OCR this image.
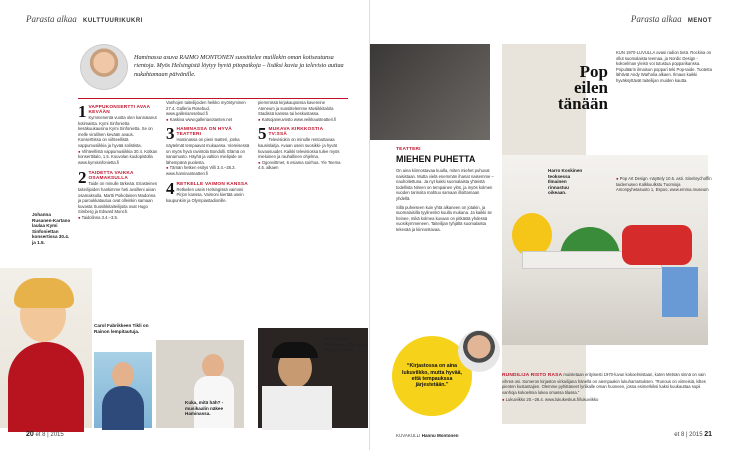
Parasta alkaa KULTTUURIKUKRI
Haminassa asuva RAIMO MONTONEN suosittelee muillekin oman kotiseutunsa rientoja. Myös Helsingistä löytyy hyviä pitopaikoja – lisäksi kuvia ja televisio auttaa nukahtamaan päivänille.
1 VAPPUKONSERTTI AVAA KEVÄÄN
Kymmenentä vuotta olen kannatanut kotimaista. Kymi Sinfonietta kesäkuukausina Kymi Sinfonietta. Se on melle viralilnen kevään avaus. Konserttissa on viihteellistä vappumusiikkia ja hyvää solistista.
● Viihteellistä vappumusiikkia 30.4. Kotkan konserttitalo, 1.5. Kouvolan kuulopistolla www.kymisinfonietta.fi
2 TAIDETTA VAIKKA OSAMAKSULLA
Taide on minulle tärkeää. Eriasteinen taiteilijoiden hankimme heti avoilleni aivan osamaksulla. Martti Poikolainen Madonna ja paroukkatautua ovat olleinkin samaan kuvasta Suosikkitaiteilijoita ovat Hugo Simberg ja Edward Munch.
● Taidolinna 3.4.–3.5.
Vanhojen taiteilijoiden heikko myöntyminen 27.4. Galleria Rosebud, www.galleriarosebud.fi
● Kaskiva www.galleriavotanten.net
3 HAMINASSA ON HYVÄ TEATTERI
Haminassa on pieni teatteri, jonka näytelmät tempaavat mukaansa. Viereisessä on myös hyvä ravintola Bondolli. Elämä on sanamuoto. Häyhä ja valtion mielipide on lähempänä puolesta.
● Tämän hetken esitys Villi 3.4.–28.3. www.haminanteatteri.fi
4 RETKELLE VAIMON KANSSA
Retkeilen usein Helsingissä vaimoni Pirjon kanssa. Vaimoni kiertää usein kaupunkiin ja Olympiastadionille.
piemmissä kirjakaupoissa kavereine Ateneum ja suosittelemme Musiikkitalola Stadissä kanssa tai keskustassa.
● Katsojaneuvosto www.veikkausteatteri.fi
5 MUKAVA KIRKKOSTIA TV:SSÄ
Televisiokin on minulle rentouttavaa kaunislaitja. Avaan usein suosikki- ja hyvät kuvaosuudet. Kaikki televisiossa tulee myös mieluinen ja rauhallinen ohjelma.
● Ogonvittmet, 6 esiama soirhoa. Yle Teema 4.5. alkaen
Johanna Rusanen-Kartano laulaa Kymi Sinfoniettan konsertissa 30.4. ja 1.5.
Carol Fabrikkeen Tikli on Rainon lempitautuja.
Kuka, mitä häh? -musikaalin näkee Haminassa.
Komisario Nardonen näyttelee Sergio Assisi.
20 et 8 | 2015
Parasta alkaa MENOT
TEATTERI
MIEHEN PUHETTA
On aina kiinnostavaa kuulla, miten miehet puhuvat naisistaan. Mutta vielä enemmän ihanat naisemme – nauhoitettuna. Ja nyt kaksi suomalaista yhteistä todellista Nimen on tempainen ylös, ja myös kolmen vuoden tarinoita mahtuu samaan illoittamaan yhdellä.
Sillä puheiseen kuin yhtä alkaneen on jotakin, ja suomalaisilla tyylinenkö kuulla mukana. Ja kaikki se heinee, mikä kolmea kuvaan on pitkästä yhdessä vuosikymmeneen. Taiteilijan tyhjältä suomalaista tekevää ja kiinnostavaa.
“Kirjastossa on aina lukuviikko, mutta hyvää, että tempaukssa järjestetään.”
Pop
eilen
tänään
KUN 1970-LUVULLA avasi radion tietä. Rockina on ollut suomalaista teemaa, ja Nordic Design -kokoelman yleisö voi tutustua popparikanssa. Populäärin ilmaisun poppari teki Pop-taide. Tuotetta lähtivät Andy Warholia alkaen. Ilmaus kaikki hyväksyttävät taiteilijan muiden kautta.
Harro Koskinen teoksessa Ilmainen rinnastuu oikeaan.
● Pop Art Design -näyttely 10.5. asti. Sinebrychoffin taidemuseo Kalkkuulkstu Tuomioja Amonpyhetasuoto 1, Espoo, www.emma.museum
RUNDILIJA RISTO RASA muistetaan erityisesti 1970-luvun kokoelmistaan, kuten Metsän sinnä on vain vihreä osi. Someron kirjaston virkailijana hänellä on aiempaakin lukuharrastuksen. “Runous on viimeisiä, kiltes pienten kustantajien. Olemme pyhittäneet lyriikalle oman huoneen, jossa esimerkiksi kaksi kuukauttaa sopii vanhoja kokoelmia lukea omassa tilassa.”
● Lukuviikko 20.–26.4. www.lukukeskus.fi/lukuviikko
et 8 | 2015 21
KUVAKULLI Hannu Montonen
